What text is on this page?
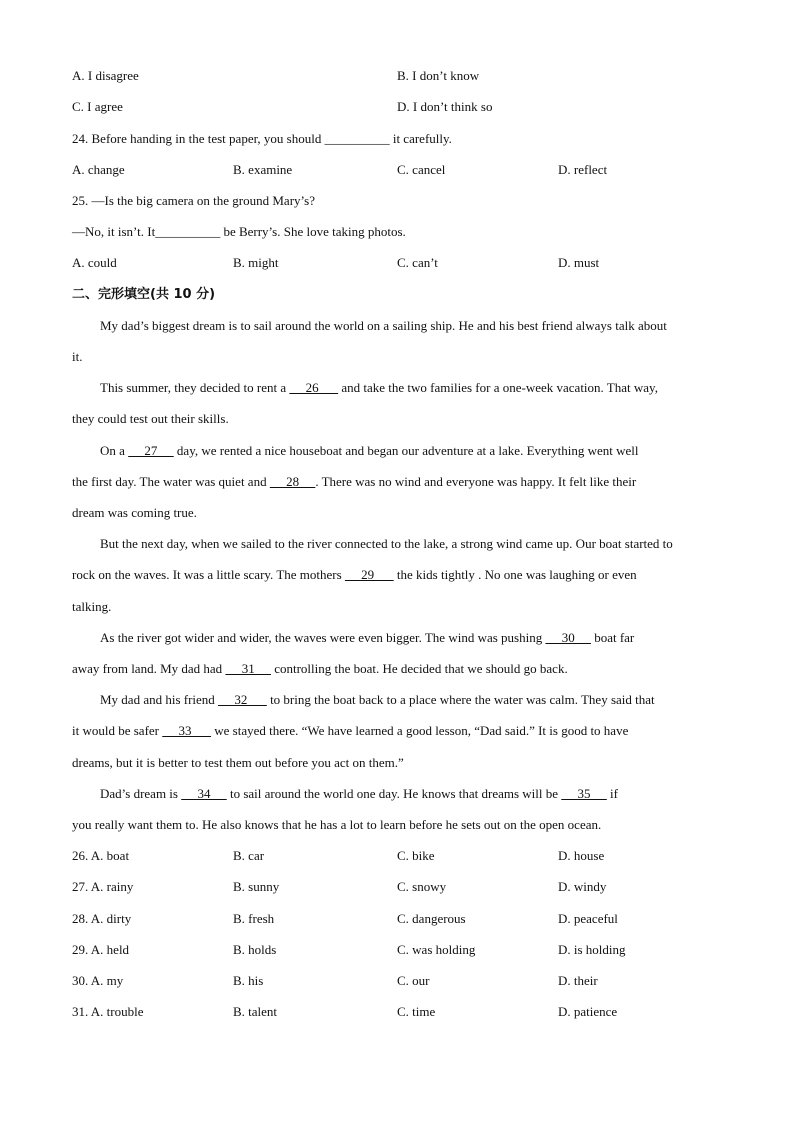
A. I disagree	B. I don’t know
C. I agree	D. I don’t think so
24. Before handing in the test paper, you should __________ it carefully.
A. change	B. examine	C. cancel	D. reflect
25. —Is the big camera on the ground Mary’s?
—No, it isn’t. It__________ be Berry’s. She love taking photos.
A. could	B. might	C. can’t	D. must
二、完形填空(共 10 分)
My dad’s biggest dream is to sail around the world on a sailing ship. He and his best friend always talk about
it.
This summer, they decided to rent a      26       and take the two families for a one-week vacation. That way,
they could test out their skills.
On a      27      day, we rented a nice houseboat and began our adventure at a lake. Everything went well
the first day. The water was quiet and      28     . There was no wind and everyone was happy. It felt like their
dream was coming true.
But the next day, when we sailed to the river connected to the lake, a strong wind came up. Our boat started to
rock on the waves. It was a little scary. The mothers      29       the kids tightly . No one was laughing or even
talking.
As the river got wider and wider, the waves were even bigger. The wind was pushing      30      boat far
away from land. My dad had      31      controlling the boat. He decided that we should go back.
My dad and his friend      32       to bring the boat back to a place where the water was calm. They said that
it would be safer      33       we stayed there. “We have learned a good lesson, “Dad said.” It is good to have
dreams, but it is better to test them out before you act on them.”
Dad’s dream is      34      to sail around the world one day. He knows that dreams will be      35      if
you really want them to. He also knows that he has a lot to learn before he sets out on the open ocean.
26. A. boat	B. car	C. bike	D. house
27. A. rainy	B. sunny	C. snowy	D. windy
28. A. dirty	B. fresh	C. dangerous	D. peaceful
29. A. held	B. holds	C. was holding	D. is holding
30. A. my	B. his	C. our	D. their
31. A. trouble	B. talent	C. time	D. patience
